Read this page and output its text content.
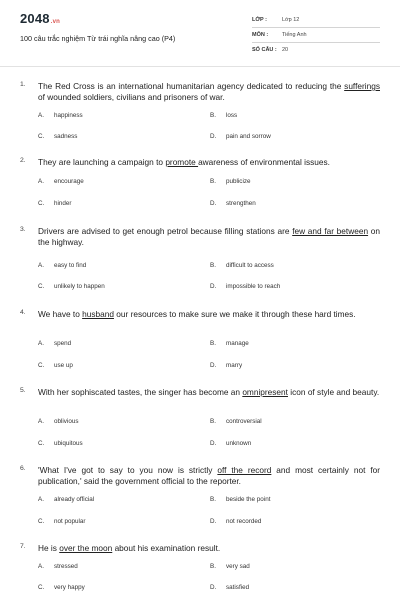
2048.vn
100 câu trắc nghiệm Từ trái nghĩa nâng cao (P4)
LỚP :	Lớp 12
MÔN :	Tiếng Anh
SỐ CÂU : 20
1.	The Red Cross is an international humanitarian agency dedicated to reducing the sufferings of wounded soldiers, civilians and prisoners of war.
A. happiness	B. loss
C. sadness	D. pain and sorrow
2.	They are launching a campaign to promote awareness of environmental issues.
A. encourage	B. publicize
C. hinder	D. strengthen
3.	Drivers are advised to get enough petrol because filling stations are few and far between on the highway.
A. easy to find	B. difficult to access
C. unlikely to happen	D. impossible to reach
4.	We have to husband our resources to make sure we make it through these hard times.
A. spend	B. manage
C. use up	D. marry
5.	With her sophiscated tastes, the singer has become an omnipresent icon of style and beauty.
A. oblivious	B. controversial
C. ubiquitous	D. unknown
6.	'What I've got to say to you now is strictly off the record and most certainly not for publication,' said the government official to the reporter.
A. already official	B. beside the point
C. not popular	D. not recorded
7.	He is over the moon about his examination result.
A. stressed	B. very sad
C. very happy	D. satisfied
